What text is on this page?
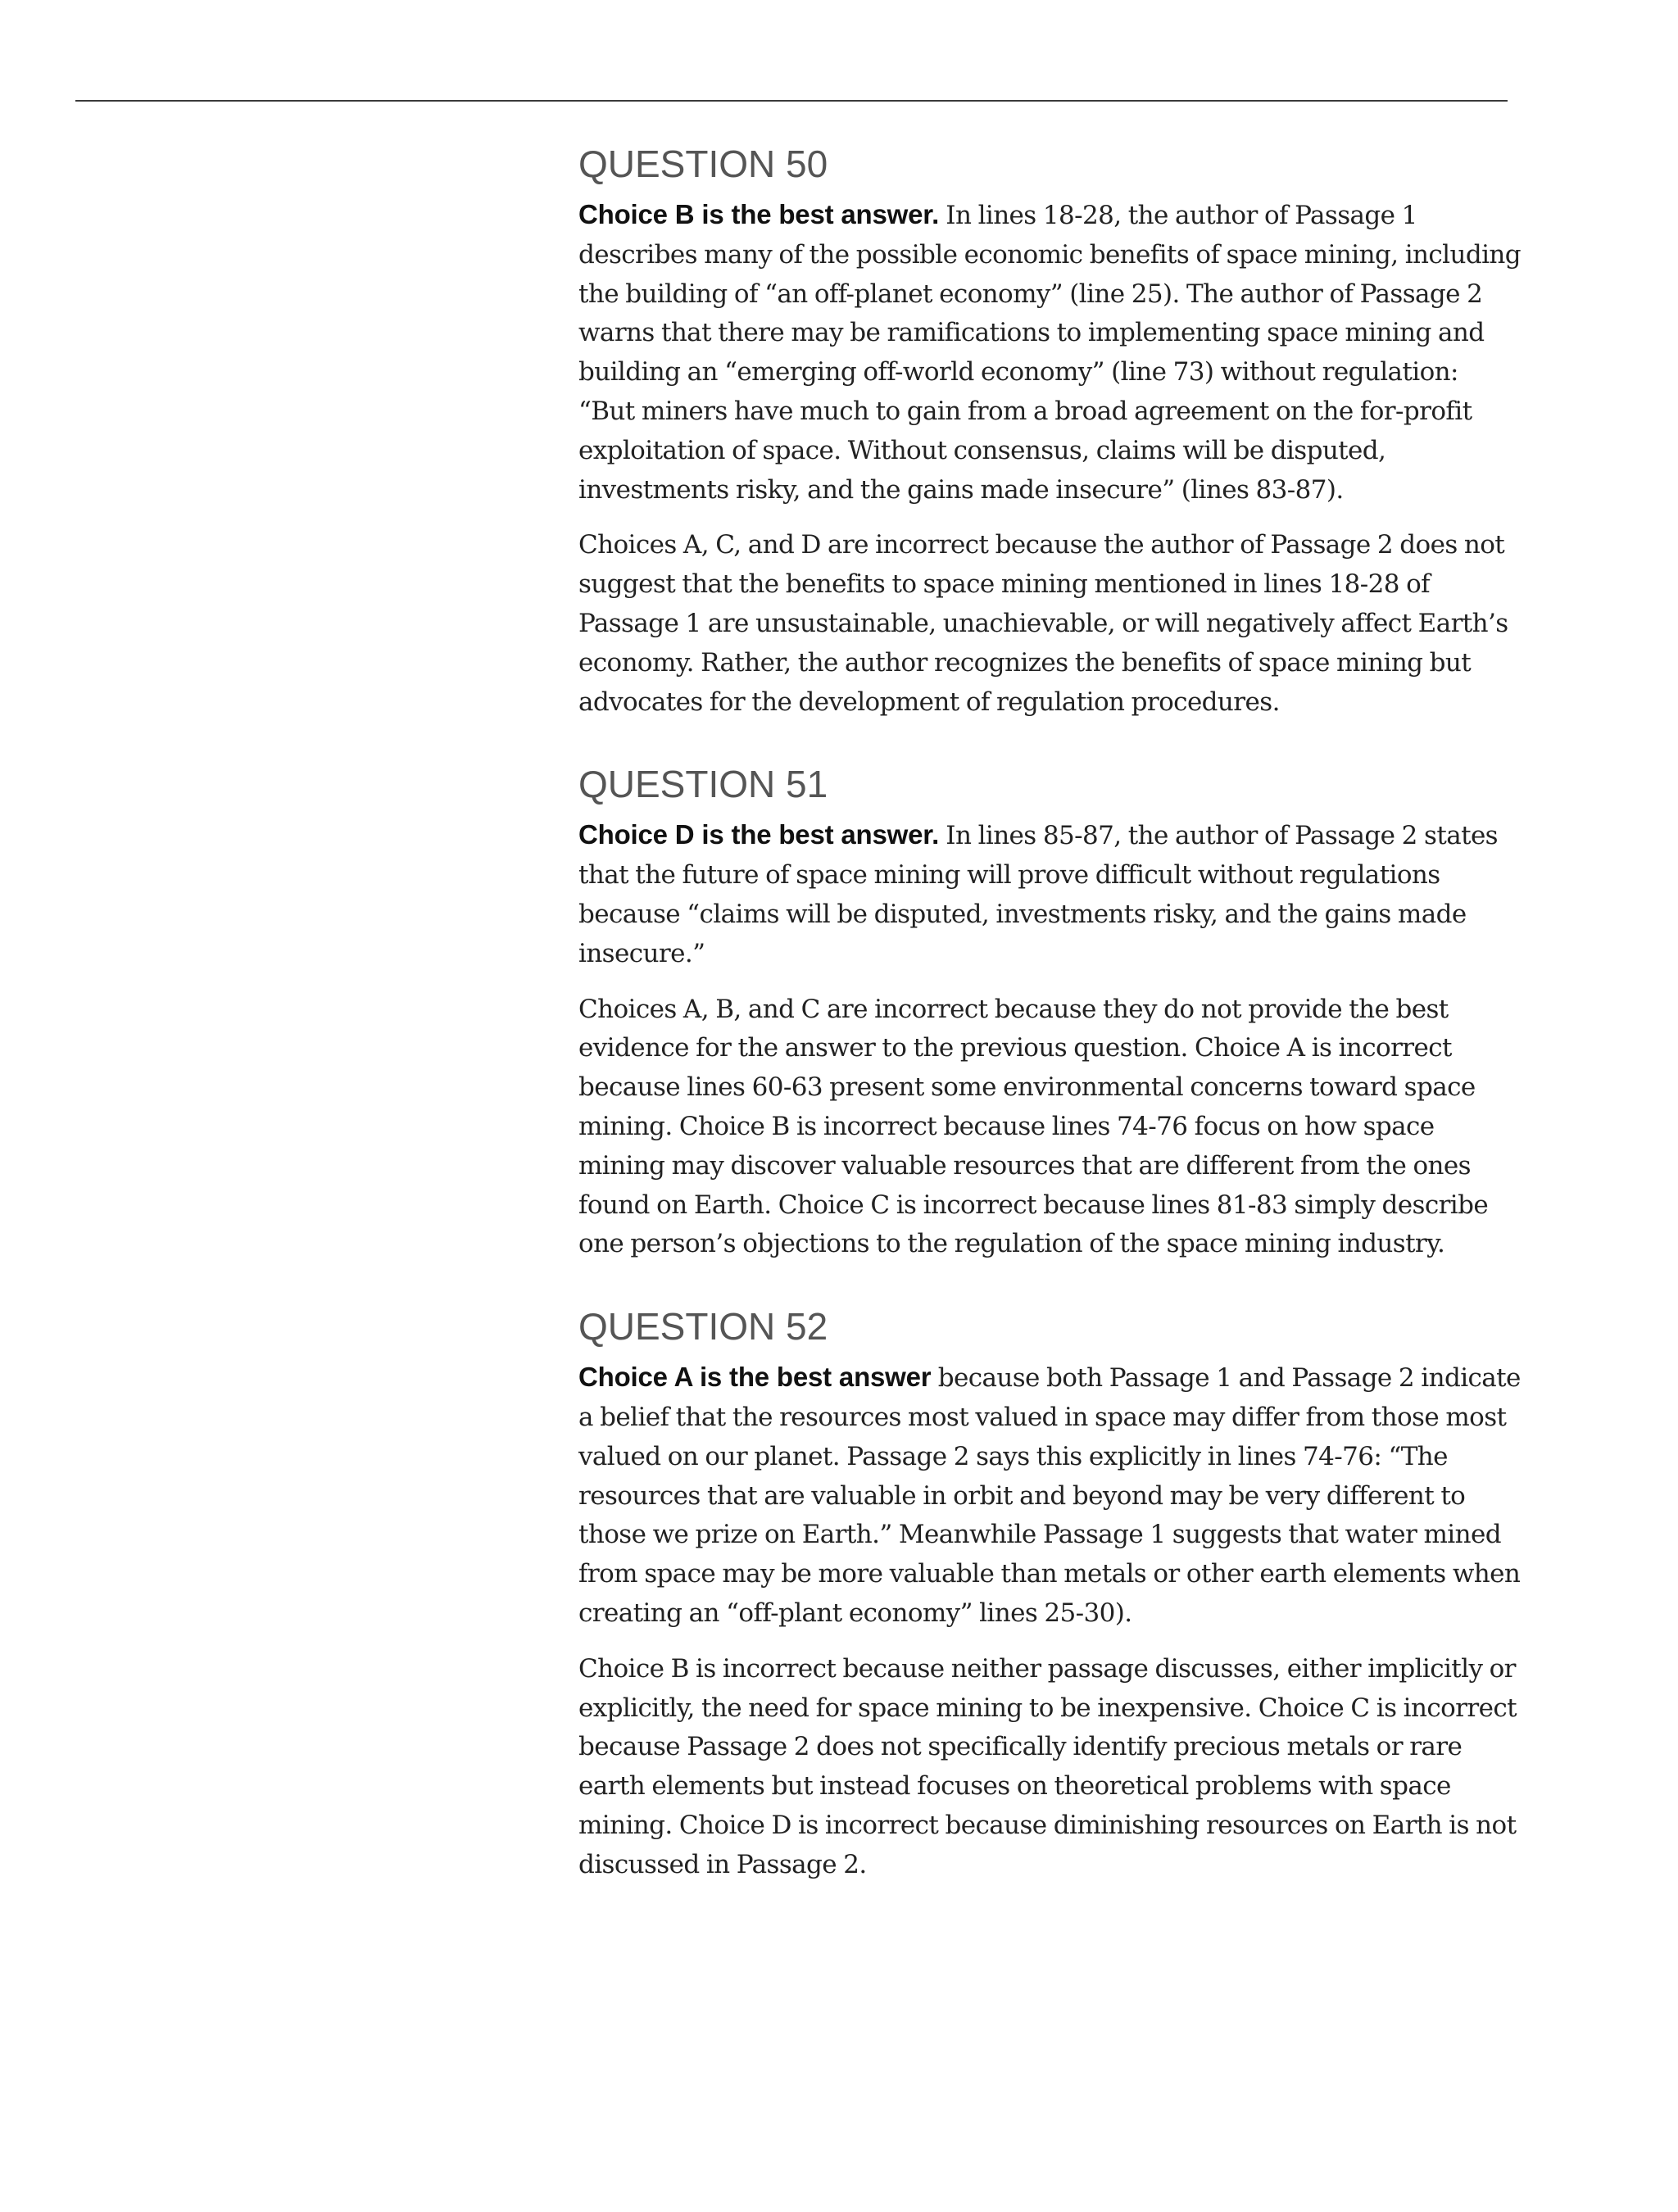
QUESTION 50

Choice B is the best answer. In lines 18-28, the author of Passage 1 describes many of the possible economic benefits of space mining, including the building of “an off-planet economy” (line 25). The author of Passage 2 warns that there may be ramifications to implementing space mining and building an “emerging off-world economy” (line 73) without regulation: “But miners have much to gain from a broad agreement on the for-profit exploitation of space. Without consensus, claims will be disputed, investments risky, and the gains made insecure” (lines 83-87).

Choices A, C, and D are incorrect because the author of Passage 2 does not suggest that the benefits to space mining mentioned in lines 18-28 of Passage 1 are unsustainable, unachievable, or will negatively affect Earth’s economy. Rather, the author recognizes the benefits of space mining but advocates for the development of regulation procedures.

QUESTION 51

Choice D is the best answer. In lines 85-87, the author of Passage 2 states that the future of space mining will prove difficult without regulations because “claims will be disputed, investments risky, and the gains made insecure.”

Choices A, B, and C are incorrect because they do not provide the best evidence for the answer to the previous question. Choice A is incorrect because lines 60-63 present some environmental concerns toward space mining. Choice B is incorrect because lines 74-76 focus on how space mining may discover valuable resources that are different from the ones found on Earth. Choice C is incorrect because lines 81-83 simply describe one person’s objections to the regulation of the space mining industry.

QUESTION 52

Choice A is the best answer because both Passage 1 and Passage 2 indicate a belief that the resources most valued in space may differ from those most valued on our planet. Passage 2 says this explicitly in lines 74-76: “The resources that are valuable in orbit and beyond may be very different to those we prize on Earth.” Meanwhile Passage 1 suggests that water mined from space may be more valuable than metals or other earth elements when creating an “off-plant economy” lines 25-30).

Choice B is incorrect because neither passage discusses, either implicitly or explicitly, the need for space mining to be inexpensive. Choice C is incorrect because Passage 2 does not specifically identify precious metals or rare earth elements but instead focuses on theoretical problems with space mining. Choice D is incorrect because diminishing resources on Earth is not discussed in Passage 2.
